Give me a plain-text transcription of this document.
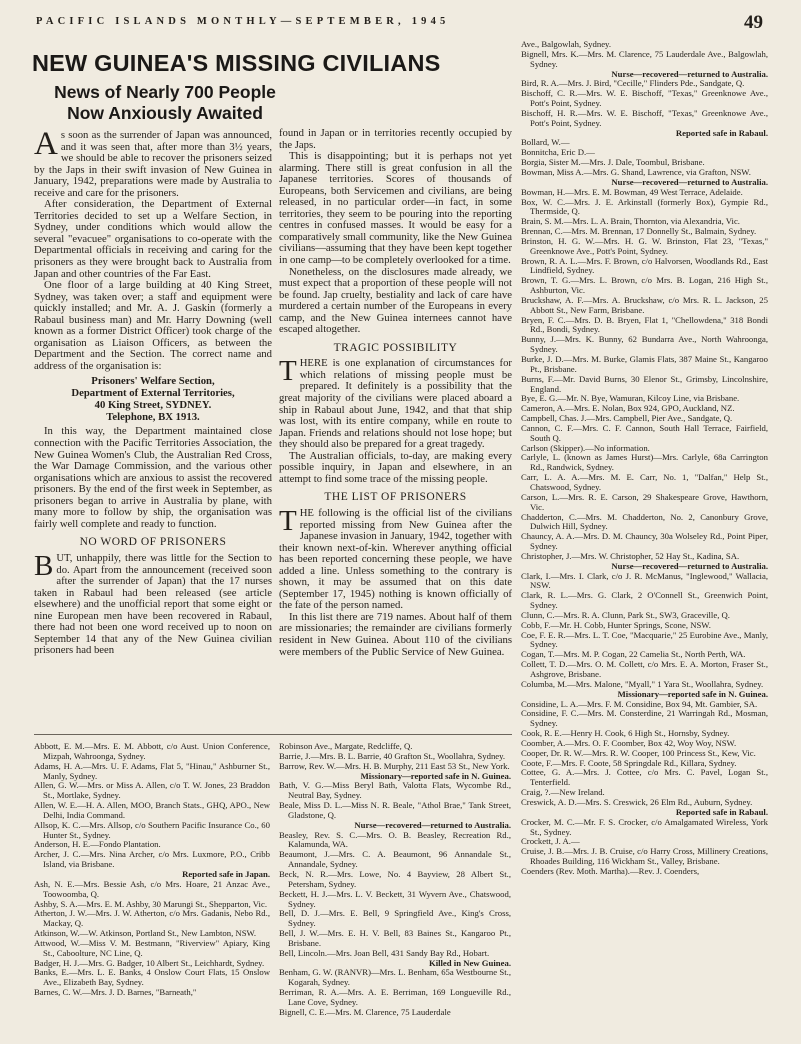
PACIFIC ISLANDS MONTHLY—SEPTEMBER, 1945	49
NEW GUINEA'S MISSING CIVILIANS
News of Nearly 700 People Now Anxiously Awaited

As soon as the surrender of Japan was announced, and it was seen that, after more than 3½ years, we should be able to recover the prisoners seized by the Japs in their swift invasion of New Guinea in January, 1942, preparations were made by Australia to receive and care for the prisoners.

After consideration, the Department of External Territories decided to set up a Welfare Section, in Sydney, under conditions which would allow the several "evacuee" organisations to co-operate with the Departmental officials in receiving and caring for the prisoners as they were brought back to Australia from Japan and other countries of the Far East.

One floor of a large building at 40 King Street, Sydney, was taken over; a staff and equipment were quickly installed; and Mr. A. J. Gaskin (formerly a Rabaul business man) and Mr. Harry Downing (well known as a former District Officer) took charge of the organisation as Liaison Officers, as between the Department and the Section. The correct name and address of the organisation is:

Prisoners' Welfare Section,
Department of External Territories,
40 King Street, SYDNEY.
Telephone, BX 1913.

In this way, the Department maintained close connection with the Pacific Territories Association, the New Guinea Women's Club, the Australian Red Cross, the War Damage Commission, and the various other organisations which are anxious to assist the recovered prisoners. By the end of the first week in September, as prisoners began to arrive in Australia by plane, with many more to follow by ship, the organisation was fairly well complete and ready to function.

NO WORD OF PRISONERS

BUT, unhappily, there was little for the Section to do. Apart from the announcement (received soon after the surrender of Japan) that the 17 nurses taken in Rabaul had been released (see article elsewhere) and the unofficial report that some eight or nine European men have been recovered in Rabaul, there had not been one word received up to noon on September 14 that any of the New Guinea civilian prisoners had been

found in Japan or in territories recently occupied by the Japs.

This is disappointing; but it is perhaps not yet alarming. There still is great confusion in all the Japanese territories. Scores of thousands of Europeans, both Servicemen and civilians, are being released, in no particular order—in fact, in some territories, they seem to be pouring into the reporting centres in confused masses. It would be easy for a comparatively small community, like the New Guinea civilians—assuming that they have been kept together in one camp—to be completely overlooked for a time.

Nonetheless, on the disclosures made already, we must expect that a proportion of these people will not be found. Jap cruelty, bestiality and lack of care have murdered a certain number of the Europeans in every camp, and the New Guinea internees cannot have escaped altogether.

TRAGIC POSSIBILITY

THERE is one explanation of circumstances for which relations of missing people must be prepared. It definitely is a possibility that the great majority of the civilians were placed aboard a ship in Rabaul about June, 1942, and that that ship was lost, with its entire company, while en route to Japan. Friends and relations should not lose hope; but they should also be prepared for a great tragedy.

The Australian officials, to-day, are making every possible inquiry, in Japan and elsewhere, in an attempt to find some trace of the missing people.

THE LIST OF PRISONERS

THE following is the official list of the civilians reported missing from New Guinea after the Japanese invasion in January, 1942, together with their known next-of-kin. Wherever anything official has been reported concerning these people, we have added a line. Unless something to the contrary is shown, it may be assumed that on this date (September 17, 1945) nothing is known officially of the fate of the person named.

In this list there are 719 names. About half of them are missionaries; the remainder are civilians formerly resident in New Guinea. About 110 of the civilians were members of the Public Service of New Guinea.

Abbott, E. M.—Mrs. E. M. Abbott, c/o Aust. Union Conference, Mizpah, Wahroonga, Sydney.
Adams, H. A.—Mrs. U. F. Adams, Flat 5, "Hinau," Ashburner St., Manly, Sydney.
Allen, G. W.—Mrs. or Miss A. Allen, c/o T. W. Jones, 23 Braddon St., Mortlake, Sydney.
Allen, W. E.—H. A. Allen, MOO, Branch Stats., GHQ, APO., New Delhi, India Command.
Allsop, K. C.—Mrs. Allsop, c/o Southern Pacific Insurance Co., 60 Hunter St., Sydney.
Anderson, H. E.—Fondo Plantation.
Archer, J. C.—Mrs. Nina Archer, c/o Mrs. Luxmore, P.O., Cribb Island, via Brisbane.
Reported safe in Japan.
Ash, N. E.—Mrs. Bessie Ash, c/o Mrs. Hoare, 21 Anzac Ave., Toowoomba, Q.
Ashby, S. A.—Mrs. E. M. Ashby, 30 Marungi St., Shepparton, Vic.
Atherton, J. W.—Mrs. J. W. Atherton, c/o Mrs. Gadanis, Nebo Rd., Mackay, Q.
Atkinson, W.—W. Atkinson, Portland St., New Lambton, NSW.
Attwood, W.—Miss V. M. Bestmann, "Riverview" Apiary, King St., Caboolture, NC Line, Q.
Badger, H. J.—Mrs. G. Badger, 10 Albert St., Leichhardt, Sydney.
Banks, E.—Mrs. L. E. Banks, 4 Onslow Court Flats, 15 Onslow Ave., Elizabeth Bay, Sydney.
Barnes, C. W.—Mrs. J. D. Barnes, "Barneath,"
Robinson Ave., Margate, Redcliffe, Q.
Barrie, J.—Mrs. B. L. Barrie, 40 Grafton St., Woollahra, Sydney.
Barrow, Rev. W.—Mrs. H. B. Murphy, 211 East 53 St., New York.
Missionary—reported safe in N. Guinea.
Bath, V. G.—Miss Beryl Bath, Valotta Flats, Wycombe Rd., Neutral Bay, Sydney.
Beale, Miss D. L.—Miss N. R. Beale, "Athol Brae," Tank Street, Gladstone, Q.
Nurse—recovered—returned to Australia.
Beasley, Rev. S. C.—Mrs. O. B. Beasley, Recreation Rd., Kalamunda, WA.
Beaumont, J.—Mrs. C. A. Beaumont, 96 Annandale St., Annandale, Sydney.
Beck, N. R.—Mrs. Lowe, No. 4 Bayview, 28 Albert St., Petersham, Sydney.
Beckett, H. J.—Mrs. L. V. Beckett, 31 Wyvern Ave., Chatswood, Sydney.
Bell, D. J.—Mrs. E. Bell, 9 Springfield Ave., King's Cross, Sydney.
Bell, J. W.—Mrs. E. H. V. Bell, 83 Baines St., Kangaroo Pt., Brisbane.
Bell, Lincoln.—Mrs. Joan Bell, 431 Sandy Bay Rd., Hobart.
Killed in New Guinea.
Benham, G. W. (RANVR)—Mrs. L. Benham, 65a Westbourne St., Kogarah, Sydney.
Berriman, R. A.—Mrs. A. E. Berriman, 169 Longueville Rd., Lane Cove, Sydney.
Bignell, C. E.—Mrs. M. Clarence, 75 Lauderdale
Ave., Balgowlah, Sydney.
Bignell, Mrs. K.—Mrs. M. Clarence, 75 Lauderdale Ave., Balgowlah, Sydney.
Nurse—recovered—returned to Australia.
Bird, R. A.—Mrs. J. Bird, "Cecille," Flinders Pde., Sandgate, Q.
Bischoff, C. R.—Mrs. W. E. Bischoff, "Texas," Greenknowe Ave., Pott's Point, Sydney.
Bischoff, H. R.—Mrs. W. E. Bischoff, "Texas," Greenknowe Ave., Pott's Point, Sydney.
Reported safe in Rabaul.
Bollard, W.—
Bonnitcha, Eric D.—
Borgia, Sister M.—Mrs. J. Dale, Toombul, Brisbane.
Bowman, Miss A.—Mrs. G. Shand, Lawrence, via Grafton, NSW.
Nurse—recovered—returned to Australia.
Bowman, H.—Mrs. E. M. Bowman, 49 West Terrace, Adelaide.
Box, W. C.—Mrs. J. E. Arkinstall (formerly Box), Gympie Rd., Thermside, Q.
Brain, S. M.—Mrs. L. A. Brain, Thornton, via Alexandria, Vic.
Brennan, C.—Mrs. M. Brennan, 17 Donnelly St., Balmain, Sydney.
Brinston, H. G. W.—Mrs. H. G. W. Brinston, Flat 23, "Texas," Greenknowe Ave., Pott's Point, Sydney.
Brown, R. A. L.—Mrs. F. Brown, c/o Halvorsen, Woodlands Rd., East Lindfield, Sydney.
Brown, T. G.—Mrs. L. Brown, c/o Mrs. B. Logan, 216 High St., Ashburton, Vic.
Bruckshaw, A. F.—Mrs. A. Bruckshaw, c/o Mrs. R. L. Jackson, 25 Abbott St., New Farm, Brisbane.
Bryen, F. C.—Mrs. D. B. Bryen, Flat 1, "Chellowdena," 318 Bondi Rd., Bondi, Sydney.
Bunny, J.—Mrs. K. Bunny, 62 Bundarra Ave., North Wahroonga, Sydney.
Burke, J. D.—Mrs. M. Burke, Glamis Flats, 387 Maine St., Kangaroo Pt., Brisbane.
Burns, F.—Mr. David Burns, 30 Elenor St., Grimsby, Lincolnshire, England.
Bye, E. G.—Mr. N. Bye, Wamuran, Kilcoy Line, via Brisbane.
Cameron, A.—Mrs. E. Nolan, Box 924, GPO, Auckland, NZ.
Campbell, Chas. J.—Mrs. Campbell, Pier Ave., Sandgate, Q.
Cannon, C. F.—Mrs. C. F. Cannon, South Hall Terrace, Fairfield, South Q.
Carlson (Skipper).—No information.
Carlyle, L. (known as James Hurst)—Mrs. Carlyle, 68a Carrington Rd., Randwick, Sydney.
Carr, L. A. A.—Mrs. M. E. Carr, No. 1, "Dalfan," Help St., Chatswood, Sydney.
Carson, L.—Mrs. R. E. Carson, 29 Shakespeare Grove, Hawthorn, Vic.
Chadderton, C.—Mrs. M. Chadderton, No. 2, Canonbury Grove, Dulwich Hill, Sydney.
Chauncy, A. A.—Mrs. D. M. Chauncy, 30a Wolseley Rd., Point Piper, Sydney.
Christopher, J.—Mrs. W. Christopher, 52 Hay St., Kadina, SA.
Nurse—recovered—returned to Australia.
Clark, I.—Mrs. I. Clark, c/o J. R. McManus, "Inglewood," Wallacia, NSW.
Clark, R. L.—Mrs. G. Clark, 2 O'Connell St., Greenwich Point, Sydney.
Clunn, C.—Mrs. R. A. Clunn, Park St., SW3, Graceville, Q.
Cobb, F.—Mr. H. Cobb, Hunter Springs, Scone, NSW.
Coe, F. E. R.—Mrs. L. T. Coe, "Macquarie," 25 Eurobine Ave., Manly, Sydney.
Cogan, T.—Mrs. M. P. Cogan, 22 Camelia St., North Perth, WA.
Collett, T. D.—Mrs. O. M. Collett, c/o Mrs. E. A. Morton, Fraser St., Ashgrove, Brisbane.
Columba, M.—Mrs. Malone, "Myall," 1 Yara St., Woollahra, Sydney.
Missionary—reported safe in N. Guinea.
Considine, L. A.—Mrs. F. M. Considine, Box 94, Mt. Gambier, SA.
Considine, F. C.—Mrs. M. Consterdine, 21 Warringah Rd., Mosman, Sydney.
Cook, R. E.—Henry H. Cook, 6 High St., Hornsby, Sydney.
Coomber, A.—Mrs. O. F. Coomber, Box 42, Woy Woy, NSW.
Cooper, Dr. R. W.—Mrs. R. W. Cooper, 100 Princess St., Kew, Vic.
Coote, F.—Mrs. F. Coote, 58 Springdale Rd., Killara, Sydney.
Cottee, G. A.—Mrs. J. Cottee, c/o Mrs. C. Pavel, Logan St., Tenterfield.
Craig, ?.—New Ireland.
Creswick, A. D.—Mrs. S. Creswick, 26 Elm Rd., Auburn, Sydney.
Reported safe in Rabaul.
Crocker, M. C.—Mr. F. S. Crocker, c/o Amalgamated Wireless, York St., Sydney.
Crockett, J. A.—
Cruise, J. B.—Mrs. J. B. Cruise, c/o Harry Cross, Millinery Creations, Rhoades Building, 116 Wickham St., Valley, Brisbane.
Coenders (Rev. Moth. Martha).—Rev. J. Coenders,
